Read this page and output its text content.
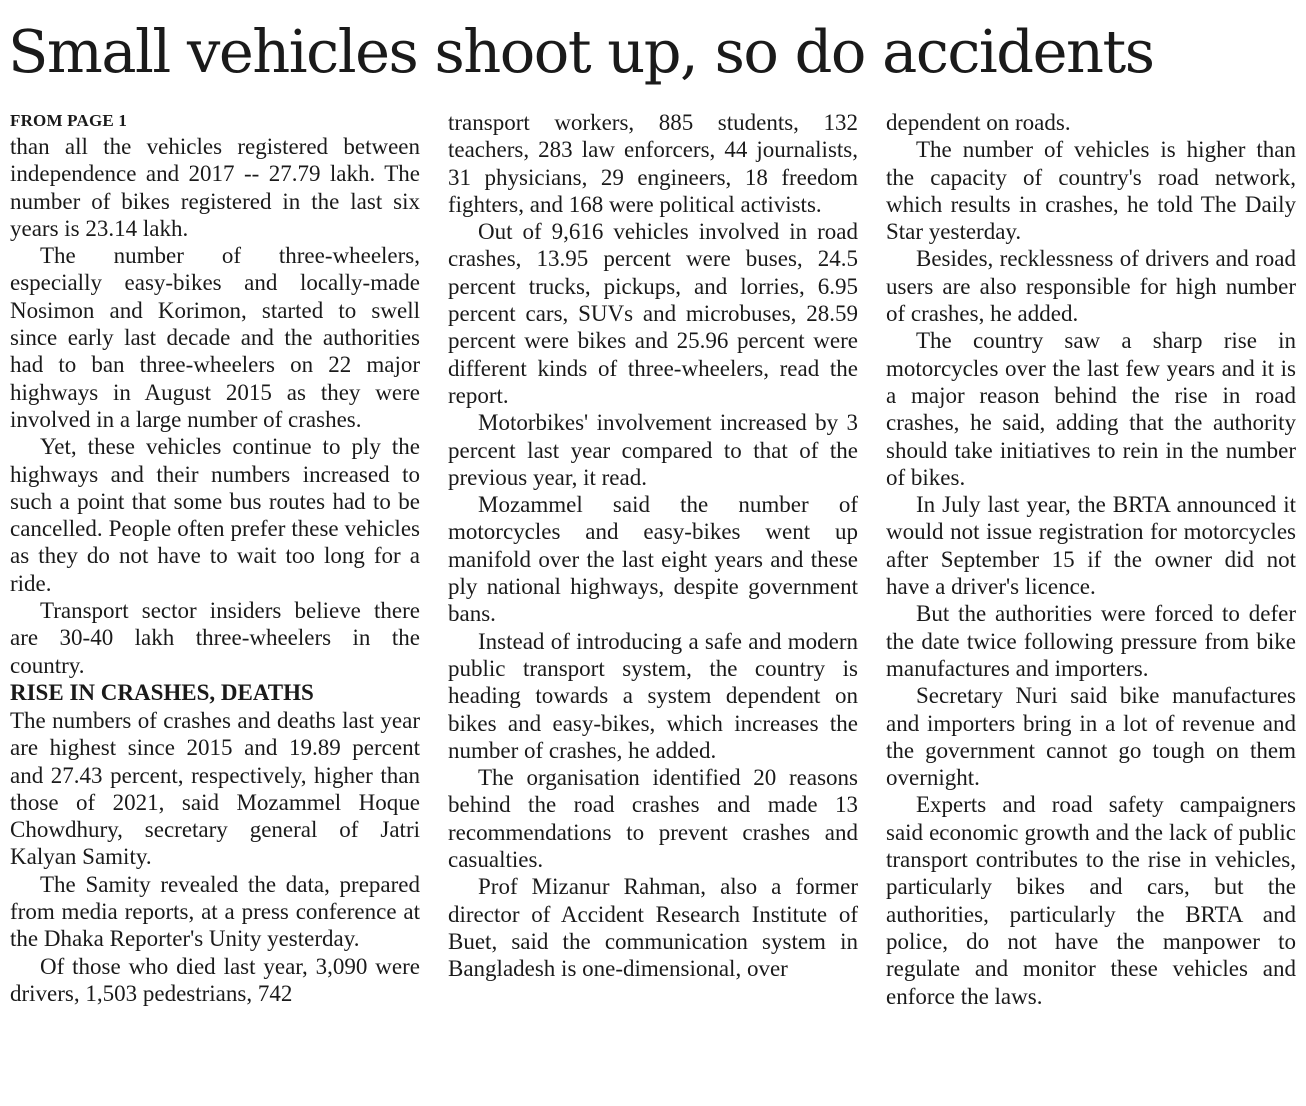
Small vehicles shoot up, so do accidents
FROM PAGE 1

than all the vehicles registered between independence and 2017 -- 27.79 lakh. The number of bikes registered in the last six years is 23.14 lakh.

The number of three-wheelers, especially easy-bikes and locally-made Nosimon and Korimon, started to swell since early last decade and the authorities had to ban three-wheelers on 22 major highways in August 2015 as they were involved in a large number of crashes.

Yet, these vehicles continue to ply the highways and their numbers increased to such a point that some bus routes had to be cancelled. People often prefer these vehicles as they do not have to wait too long for a ride.

Transport sector insiders believe there are 30-40 lakh three-wheelers in the country.

RISE IN CRASHES, DEATHS

The numbers of crashes and deaths last year are highest since 2015 and 19.89 percent and 27.43 percent, respectively, higher than those of 2021, said Mozammel Hoque Chowdhury, secretary general of Jatri Kalyan Samity.

The Samity revealed the data, prepared from media reports, at a press conference at the Dhaka Reporter's Unity yesterday.

Of those who died last year, 3,090 were drivers, 1,503 pedestrians, 742

transport workers, 885 students, 132 teachers, 283 law enforcers, 44 journalists, 31 physicians, 29 engineers, 18 freedom fighters, and 168 were political activists.

Out of 9,616 vehicles involved in road crashes, 13.95 percent were buses, 24.5 percent trucks, pickups, and lorries, 6.95 percent cars, SUVs and microbuses, 28.59 percent were bikes and 25.96 percent were different kinds of three-wheelers, read the report.

Motorbikes' involvement increased by 3 percent last year compared to that of the previous year, it read.

Mozammel said the number of motorcycles and easy-bikes went up manifold over the last eight years and these ply national highways, despite government bans.

Instead of introducing a safe and modern public transport system, the country is heading towards a system dependent on bikes and easy-bikes, which increases the number of crashes, he added.

The organisation identified 20 reasons behind the road crashes and made 13 recommendations to prevent crashes and casualties.

Prof Mizanur Rahman, also a former director of Accident Research Institute of Buet, said the communication system in Bangladesh is one-dimensional, over

dependent on roads.

The number of vehicles is higher than the capacity of country's road network, which results in crashes, he told The Daily Star yesterday.

Besides, recklessness of drivers and road users are also responsible for high number of crashes, he added.

The country saw a sharp rise in motorcycles over the last few years and it is a major reason behind the rise in road crashes, he said, adding that the authority should take initiatives to rein in the number of bikes.

In July last year, the BRTA announced it would not issue registration for motorcycles after September 15 if the owner did not have a driver's licence.

But the authorities were forced to defer the date twice following pressure from bike manufactures and importers.

Secretary Nuri said bike manufactures and importers bring in a lot of revenue and the government cannot go tough on them overnight.

Experts and road safety campaigners said economic growth and the lack of public transport contributes to the rise in vehicles, particularly bikes and cars, but the authorities, particularly the BRTA and police, do not have the manpower to regulate and monitor these vehicles and enforce the laws.
